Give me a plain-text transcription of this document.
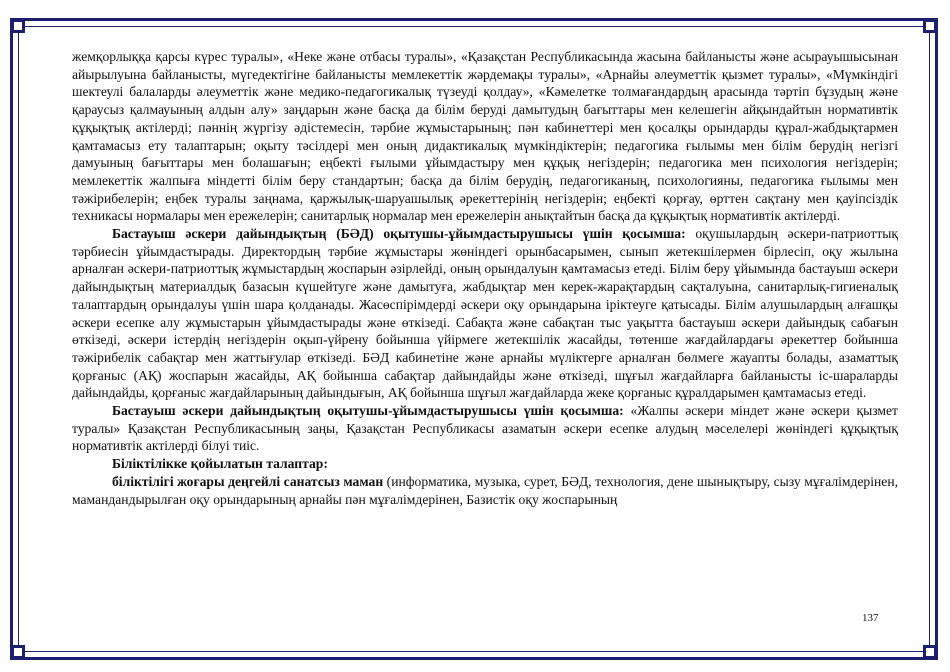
жемқорлыққа қарсы күрес туралы», «Неке және отбасы туралы», «Қазақстан Республикасында жасына байланысты және асырауышысынан айырылуына байланысты, мүгедектігіне байланысты мемлекеттік жәрдемақы туралы», «Арнайы әлеуметтік қызмет туралы», «Мүмкіндігі шектеулі балаларды әлеуметтік және медико-педагогикалық түзеуді қолдау», «Кәмелетке толмағандардың арасында тәртіп бұзудың және қараусыз қалмауының алдын алу» заңдарын және басқа да білім беруді дамытудың бағыттары мен келешегін айқындайтын нормативтік құқықтық актілерді; пәннің жүргізу әдістемесін, тәрбие жұмыстарының; пән кабинеттері мен қосалқы орындарды құрал-жабдықтармен қамтамасыз ету талаптарын; оқыту тәсілдері мен оның дидактикалық мүмкіндіктерін; педагогика ғылымы мен білім берудің негізгі дамуының бағыттары мен болашағын; еңбекті ғылыми ұйымдастыру мен құқық негіздерін; педагогика мен психология негіздерін; мемлекеттік жалпыға міндетті білім беру стандартын; басқа да білім берудің, педагогиканың, психологияны, педагогика ғылымы мен тәжірибелерін; еңбек туралы заңнама, қаржылық-шаруашылық әрекеттерінің негіздерін; еңбекті қорғау, өрттен сақтану мен қауіпсіздік техникасы нормалары мен ережелерін; санитарлық нормалар мен ережелерін анықтайтын басқа да құқықтық нормативтік актілерді.

Бастауыш әскери дайындықтың (БӘД) оқытушы-ұйымдастырушысы үшін қосымша: оқушылардың әскери-патриоттық тәрбиесін ұйымдастырады. Директордың тәрбие жұмыстары жөніндегі орынбасарымен, сынып жетекшілермен бірлесіп, оқу жылына арналған әскери-патриоттық жұмыстардың жоспарын әзірлейді, оның орындалуын қамтамасыз етеді. Білім беру ұйымында бастауыш әскери дайындықтың материалдық базасын күшейтуге және дамытуға, жабдықтар мен керек-жарақтардың сақталуына, санитарлық-гигиеналық талаптардың орындалуы үшін шара қолданады. Жасөспірімдерді әскери оқу орындарына іріктеуге қатысады. Білім алушылардың алғашқы әскери есепке алу жұмыстарын ұйымдастырады және өткізеді. Сабақта және сабақтан тыс уақытта бастауыш әскери дайындық сабағын өткізеді, әскери істердің негіздерін оқып-үйрену бойынша үйірмеге жетекшілік жасайды, төтенше жағдайлардағы әрекеттер бойынша тәжірибелік сабақтар мен жаттығулар өткізеді. БӘД кабинетіне және арнайы мүліктерге арналған бөлмеге жауапты болады, азаматтық қорғаныс (АҚ) жоспарын жасайды, АҚ бойынша сабақтар дайындайды және өткізеді, шұғыл жағдайларға байланысты іс-шараларды дайындайды, қорғаныс жағдайларының дайындығын, АҚ бойынша шұғыл жағдайларда жеке қорғаныс құралдарымен қамтамасыз етеді.

Бастауыш әскери дайындықтың оқытушы-ұйымдастырушысы үшін қосымша: «Жалпы әскери міндет және әскери қызмет туралы» Қазақстан Республикасының заңы, Қазақстан Республикасы азаматын әскери есепке алудың мәселелері жөніндегі құқықтық нормативтік актілерді білуі тиіс.

Біліктілікке қойылатын талаптар:

біліктілігі жоғары деңгейлі санатсыз маман (информатика, музыка, сурет, БӘД, технология, дене шынықтыру, сызу мұғалімдерінен, мамандандырылған оқу орындарының арнайы пән мұғалімдерінен, Базистік оқу жоспарының

137
